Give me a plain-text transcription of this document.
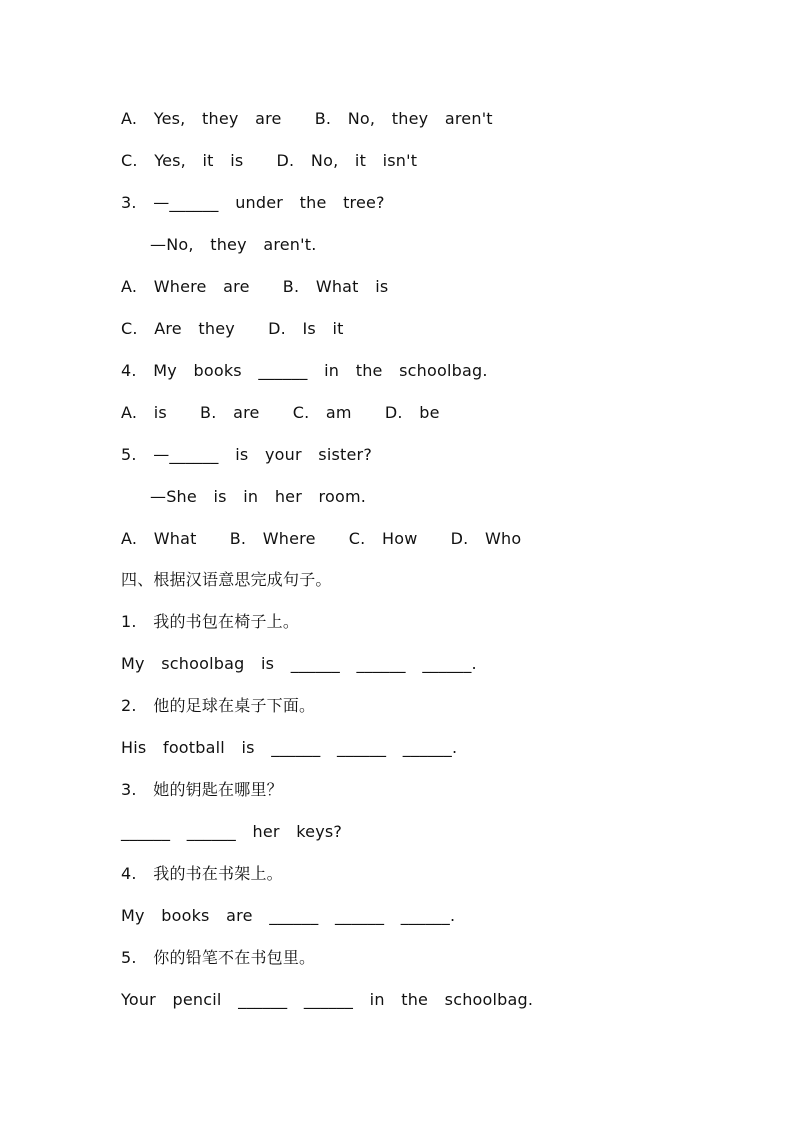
A.  Yes,  they  are    B.  No,  they  aren't
C.  Yes,  it  is    D.  No,  it  isn't
3.  —______  under  the  tree?
—No,  they  aren't.
A.  Where  are    B.  What  is
C.  Are  they    D.  Is  it
4.  My  books  ______  in  the  schoolbag.
A.  is    B.  are    C.  am    D.  be
5.  —______  is  your  sister?
—She  is  in  her  room.
A.  What    B.  Where    C.  How    D.  Who
四、根据汉语意思完成句子。
1.  我的书包在椅子上。
My  schoolbag  is  ______  ______  ______.
2.  他的足球在桌子下面。
His  football  is  ______  ______  ______.
3.  她的钥匙在哪里？
______  ______  her  keys?
4.  我的书在书架上。
My  books  are  ______  ______  ______.
5.  你的铅笔不在书包里。
Your  pencil  ______  ______  in  the  schoolbag.
